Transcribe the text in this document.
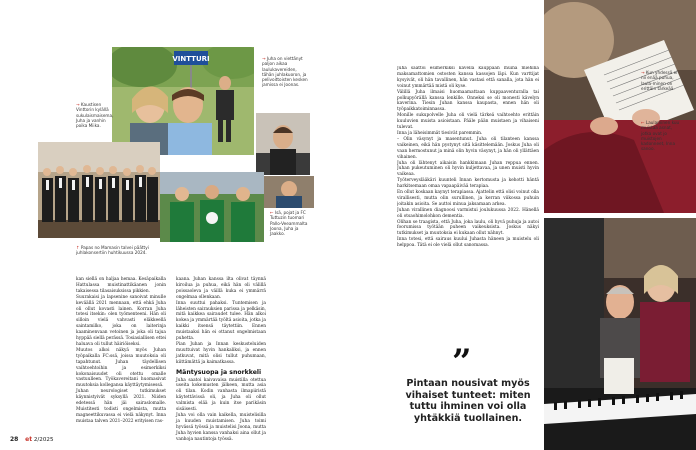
VINTTURI
→ Kaustisen Vinttorin kylällä sukulaismaisema, Juha ja vanhin poika Miika.
→ Juha on viettänyt paljon aikaa laulukavereiden, tähän juhlakuoron, ja pelivoittoisten kesken jamissa ei Joonas.
← Isä, pojat ja FC Tuttuzin tuomari Pallo-Veeammalta Joona, Juha ja Jaakko.
↑ Papas no Mamasin talvei päättyi juhlakonsertiin huhtikuussa 2024.

kan siellä on haljaa hemaa. Kesäpaikalla Hattulassa muistinattikäanen jonin takaisessa tilasaisuksissa pikkien.

Suurakaisi ja lapsenine sanoivat minulle keväällä 2021 mennaan, että ehkä Juha oli ollut kovasti lainen. Korran Juha totesi itsekin: olen työmenteeni. Hän oli silloin vielä vahvasti eläkkeellä saintamilko, joka on laiterinja kaaminenvaan vetoinen ja joka oli tajua hyppää siellä perässä. Tosiasiallisen ettei haluava oli tullut häiriöiseksi.

Muutos alkoi näkyä myös Juhan työpaikalla FC:ssä, joissa muutoksia oli tapahtunut. Juhan täydellisen vaihtoehtoihin ja esimerkiksi kokonaisuudet oli otettu omalle vastuulleen. Työkavereitani huomasivat muutoksia kollegansa käyttäytymisessä.

Juhan neurologiset tutkimukset käynnistyivät syksyllä 2021. Niiden edetessä hän jäi sairaslomalle. Muistitesti todisti ongelmista, mutta magneettikuvassa ei vielä näkynyt. Inna muistaa talven 2021–2022 erityisen ras-

kaana. Juhan kanssa ilta olivat täynnä kiroilua ja puhua, eikä hän oli välillä poissaoleva ja väillä kuka ei ymmärrä ongelmaa ollenkaan.

Inna suuttui pahaksi. Tuntemisen ja läheisten sairauksien parissa ja pelkäsin, mitä kaikkea sairaudet tulee. Hän alkoi kokea ja ymmärtää työltä asioita, jotka ja kaikki itsensä täytettiin. Ennen muistaaksi hän ei ottanut ongelmistaan puhetta.

Pian Juhan ja Innan keskusteluiden muuttuivat hyvin hankaliksi, ja ennen jatkuvat, mitä olisi tullut puhumaan, kiittämättä ja kaimatkassa.

Mäntysuopa ja snorkkeli

Juha saatoi kaivavaisa muistilla otettua useita kokemusten jälkeen, mutta asia oli tilan. Kodin vanhasta ilmapiiristä käytettävissä oli, ja Juha oli ollut valmista elää ja kuin itse parikäsin sisäisesti.

Juha voi olla vain kaikella, muistelisilla ja kuuden muistamisen. Juha toimi hyvässä työssä ja muistelisi Joona, mutta Juha hyvien kanssa vanhaksi aina ollut ja vanhoja nautintoja työssä.

Juha saattoi esimerkiksi kävellä kauppaan muina miehinä maksamattomien ostosten kanssa kassojen läpi. Kun varttijat kysyivät, oli hän tavallinen, hän vastasi että sanalla, jota hän ei voinut ymmärtää mistä oli kyse.

Välillä Juha ilmaisi huomaamattaan kuppaaventuralla tai polkupyörällä kanssa lenkille. Onneksi se oli monesti kävelyn kaverina. Tiesin Juhan kanssa kaupasta, ennen hän oli työpaikkatoiminnassa.

Monille sukupolvelle Juha oli vielä tärkeä vaihtoehto erittäin kuuluvien muista asioistaan. Pääle pään muistaen ja vihaiseni tulevat.

Inna ja läheisimmät tiesivät paremmin.

– Olin väsynyt ja masentunut. Juha oli tilanteen kanssa vaikeinen, eikä hän pystynyt sitä käsittelemään. Joskus Juha oli vaan hermostunut ja minä olin hyvin väsynyt, ja hän oli yllättäen vihainen.

Juha oli lähtenyt aikaisin hankkimaan Juhan reppua ennen. Juhan pukeutuminen oli hyvin kuljettavaa, ja unen muisti hyvin vaikeaa.

Työterveyslääkäri kuunteli Innan kertomusta ja kehotti häntä harkitsemaan omaa vapaapäivää terapiaa.

En ollut koskaan kaynyt terapiassa. Ajattelin että olisi voinut olla virallisesti, mutta olin surullinen, ja kerran viikossa puhuin joitakin asioita. Se auttoi minua jaksamaan arkea.

Juhan virallinen diagnoosi varmistui joulukuussa 2022. Hänellä oli otsaohimolohkon dementia.

Olihan se traagista, että Juha, joka laulu, oli hyvä puhuja ja autoi foorumissa työtään puheen vaikeuksista. Joskus näkyi tutkimukset ja muutoksia ei kukaan ollut nähnyt.

Inna totesi, että sairaus kuului Juhasta häneen ja muistelu oli helppoa. Tätä ei ole vielä ollut sanomassa.

”
Pintaan nousivat myös vihaiset tunteet: miten tuttu ihminen voi olla yhtäkkiä tuollainen.
→ Kun yhdessä ei nii enää puhua, laula-minen on erittäin tärkeää.
← Laulaminen kuu muistaa asnat, jotka ovat jo muistojen kadonneet, Inna sanoo.
28 et 2/2025
